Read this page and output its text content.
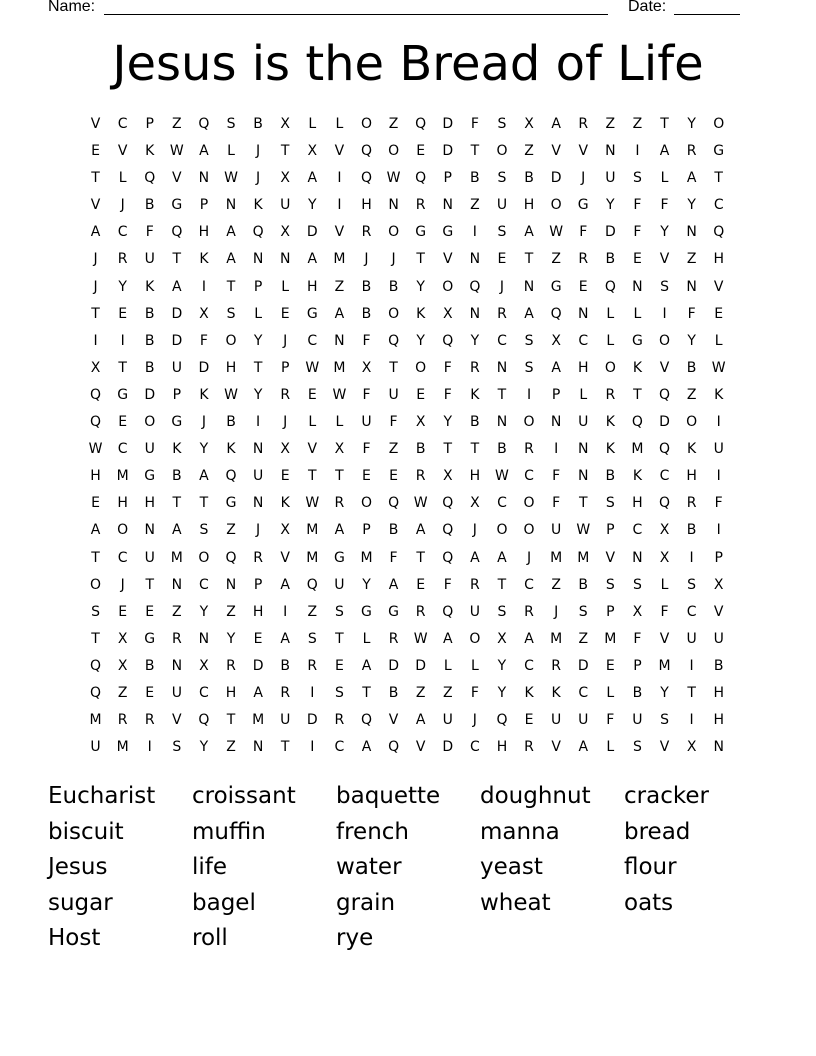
Name:	Date:
Jesus is the Bread of Life
V	C	P	Z	Q	S	B	X	L	L	O	Z	Q	D	F	S	X	A	R	Z	Z	T	Y	O
E	V	K	W	A	L	J	T	X	V	Q	O	E	D	T	O	Z	V	V	N	I	A	R	G
T	L	Q	V	N	W	J	X	A	I	Q	W	Q	P	B	S	B	D	J	U	S	L	A	T
V	J	B	G	P	N	K	U	Y	I	H	N	R	N	Z	U	H	O	G	Y	F	F	Y	C
A	C	F	Q	H	A	Q	X	D	V	R	O	G	G	I	S	A	W	F	D	F	Y	N	Q
J	R	U	T	K	A	N	N	A	M	J	J	T	V	N	E	T	Z	R	B	E	V	Z	H
J	Y	K	A	I	T	P	L	H	Z	B	B	Y	O	Q	J	N	G	E	Q	N	S	N	V
T	E	B	D	X	S	L	E	G	A	B	O	K	X	N	R	A	Q	N	L	L	I	F	E
I	I	B	D	F	O	Y	J	C	N	F	Q	Y	Q	Y	C	S	X	C	L	G	O	Y	L
X	T	B	U	D	H	T	P	W	M	X	T	O	F	R	N	S	A	H	O	K	V	B	W
Q	G	D	P	K	W	Y	R	E	W	F	U	E	F	K	T	I	P	L	R	T	Q	Z	K
Q	E	O	G	J	B	I	J	L	L	U	F	X	Y	B	N	O	N	U	K	Q	D	O	I
W	C	U	K	Y	K	N	X	V	X	F	Z	B	T	T	B	R	I	N	K	M	Q	K	U
H	M	G	B	A	Q	U	E	T	T	E	E	R	X	H	W	C	F	N	B	K	C	H	I
E	H	H	T	T	G	N	K	W	R	O	Q	W	Q	X	C	O	F	T	S	H	Q	R	F
A	O	N	A	S	Z	J	X	M	A	P	B	A	Q	J	O	O	U	W	P	C	X	B	I
T	C	U	M	O	Q	R	V	M	G	M	F	T	Q	A	A	J	M	M	V	N	X	I	P
O	J	T	N	C	N	P	A	Q	U	Y	A	E	F	R	T	C	Z	B	S	S	L	S	X
S	E	E	Z	Y	Z	H	I	Z	S	G	G	R	Q	U	S	R	J	S	P	X	F	C	V
T	X	G	R	N	Y	E	A	S	T	L	R	W	A	O	X	A	M	Z	M	F	V	U	U
Q	X	B	N	X	R	D	B	R	E	A	D	D	L	L	Y	C	R	D	E	P	M	I	B
Q	Z	E	U	C	H	A	R	I	S	T	B	Z	Z	F	Y	K	K	C	L	B	Y	T	H
M	R	R	V	Q	T	M	U	D	R	Q	V	A	U	J	Q	E	U	U	F	U	S	I	H
U	M	I	S	Y	Z	N	T	I	C	A	Q	V	D	C	H	R	V	A	L	S	V	X	N
Eucharist	croissant	baquette	doughnut	cracker
biscuit	muffin	french	manna	bread
Jesus	life	water	yeast	flour
sugar	bagel	grain	wheat	oats
Host	roll	rye
